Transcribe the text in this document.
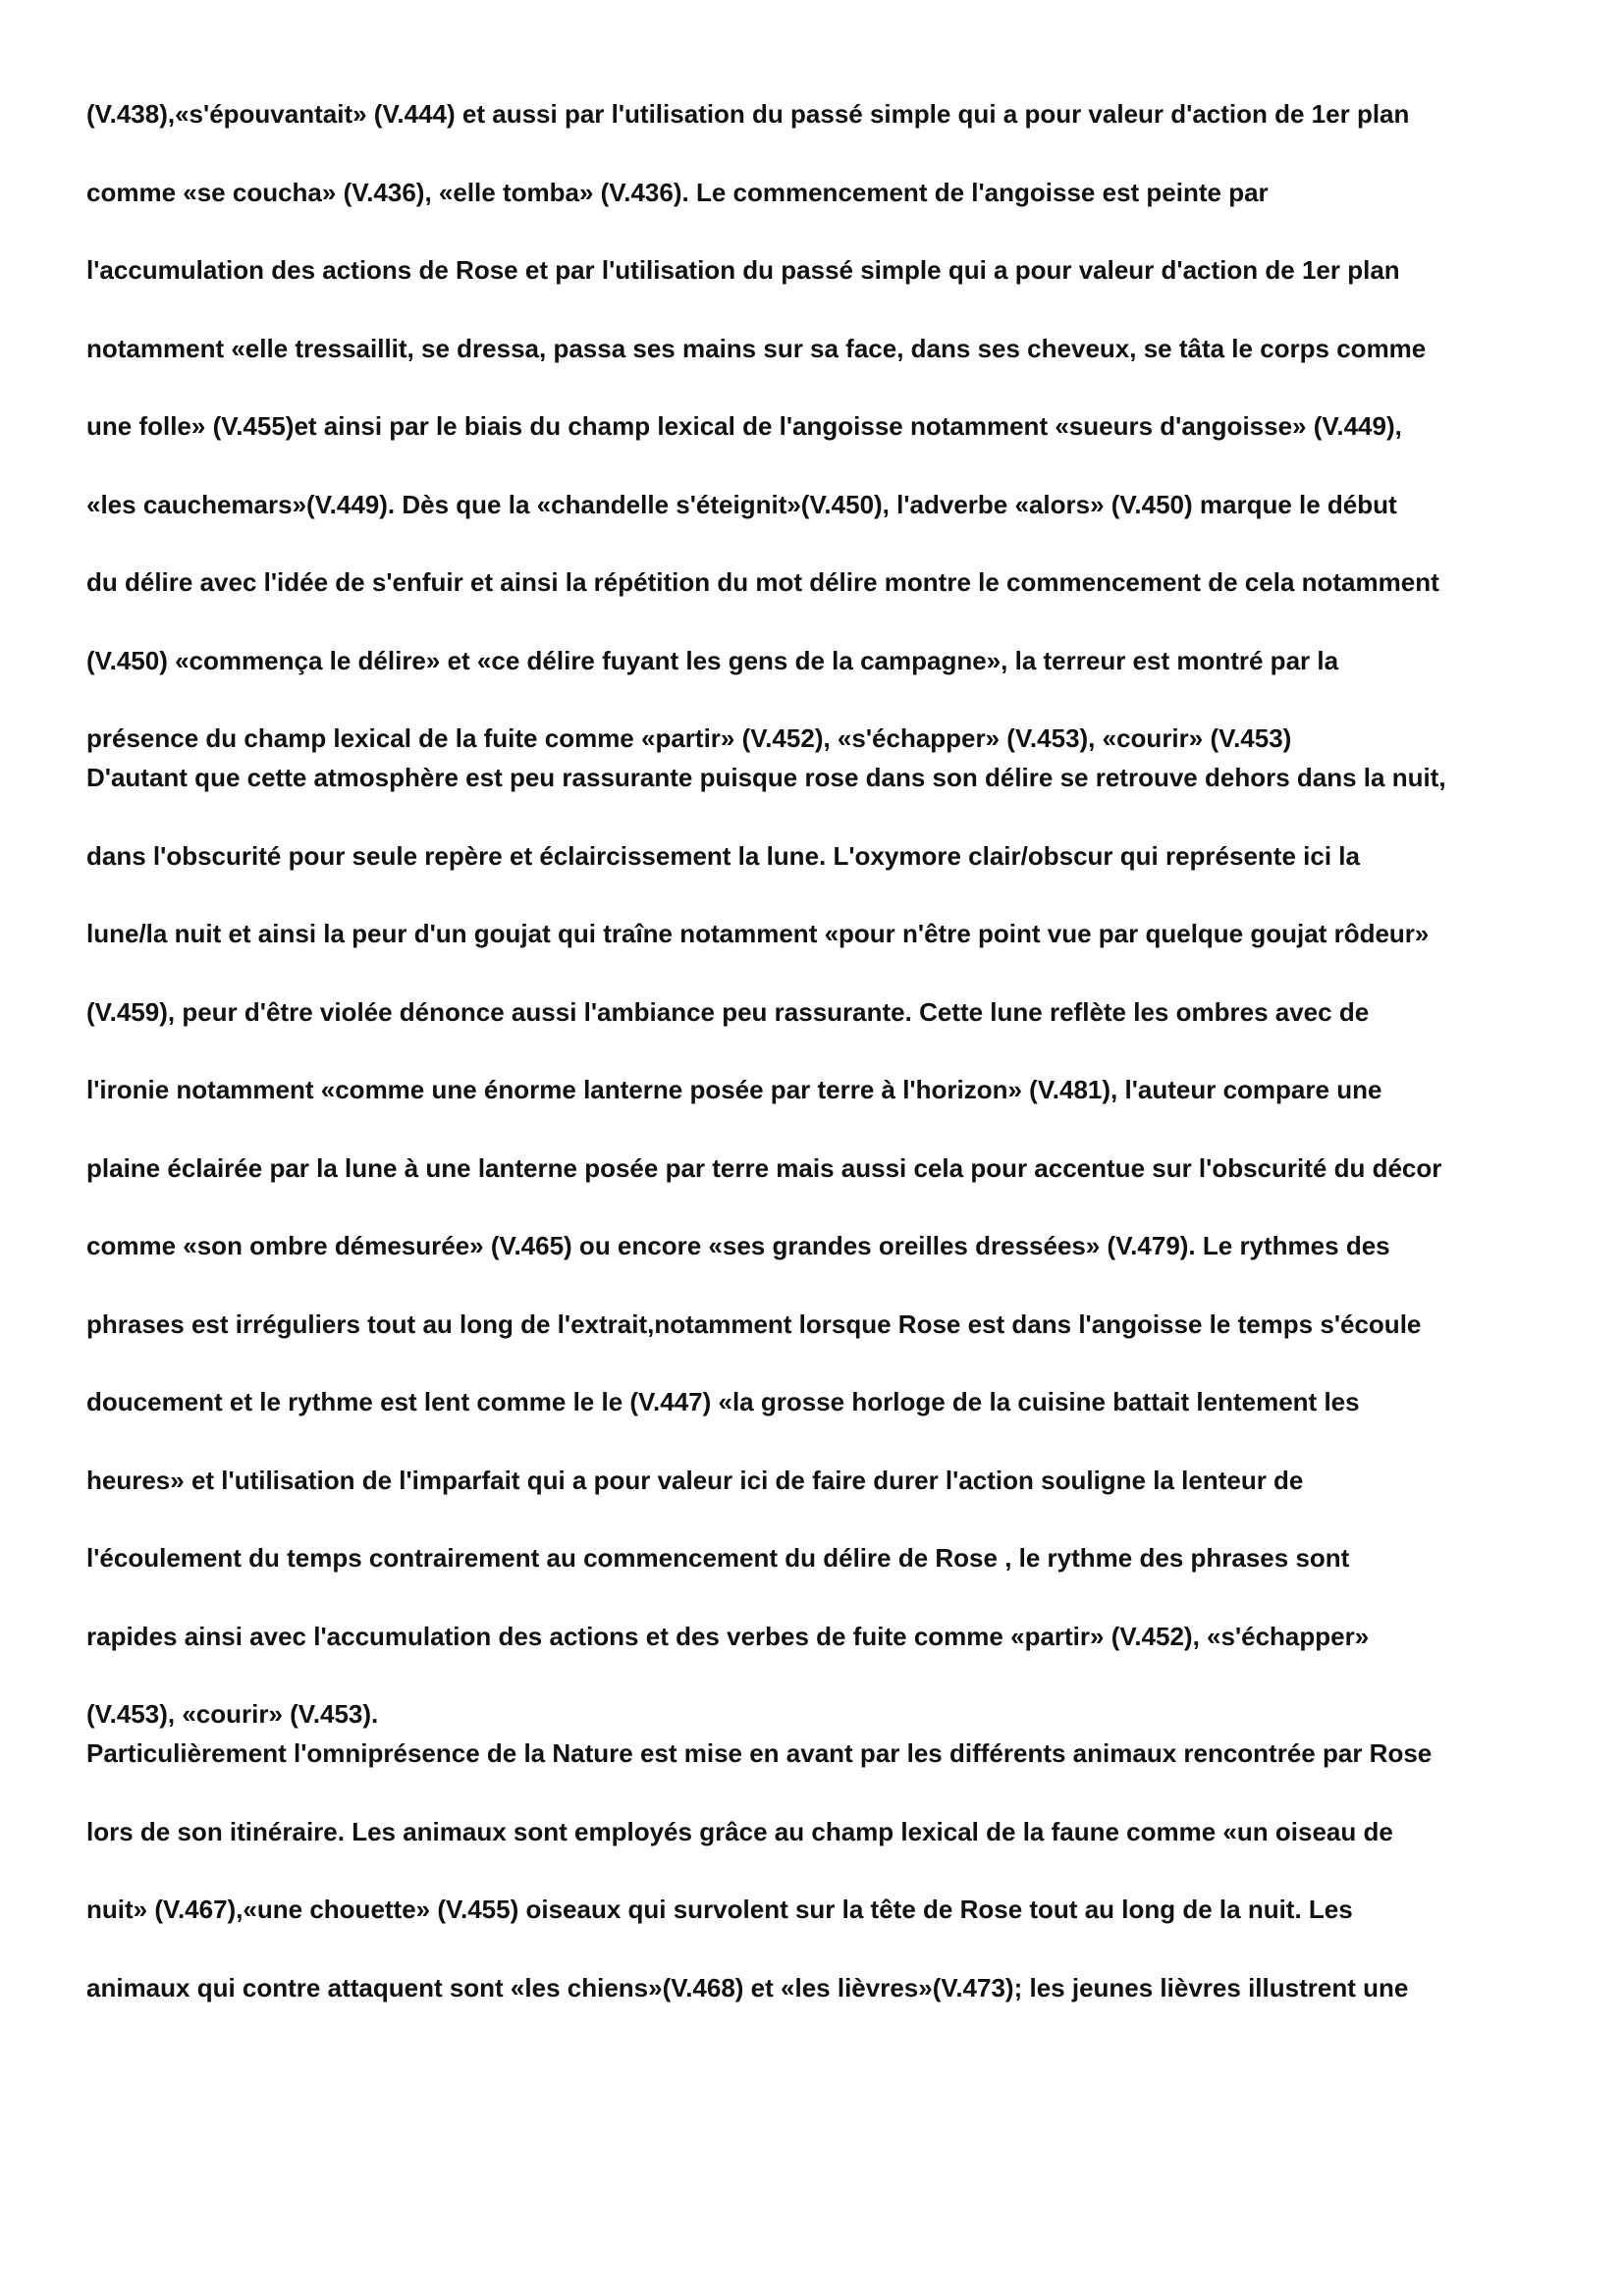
(V.438),«s'épouvantait» (V.444) et aussi par l'utilisation du passé simple qui a pour valeur d'action de 1er plan
comme «se coucha» (V.436), «elle tomba» (V.436). Le commencement de l'angoisse est peinte par
l'accumulation des actions de Rose et par l'utilisation du passé simple qui a pour valeur d'action de 1er plan
notamment «elle tressaillit, se dressa, passa ses mains sur sa face, dans ses cheveux, se tâta le corps comme
une folle» (V.455)et ainsi par le biais du champ lexical de l'angoisse notamment «sueurs d'angoisse» (V.449),
«les cauchemars»(V.449). Dès que la «chandelle s'éteignit»(V.450), l'adverbe «alors» (V.450) marque le début
du délire avec l'idée de s'enfuir et ainsi la répétition du mot délire montre le commencement de cela notamment
(V.450) «commença le délire» et «ce délire fuyant les gens de la campagne», la terreur est montré par la
présence du champ lexical de la fuite comme «partir» (V.452), «s'échapper» (V.453), «courir» (V.453)
D'autant que cette atmosphère est peu rassurante puisque rose dans son délire se retrouve dehors dans la nuit,
dans l'obscurité pour seule repère et éclaircissement la lune. L'oxymore clair/obscur qui représente ici la
lune/la nuit et ainsi la peur d'un goujat qui traîne notamment «pour n'être point vue par quelque goujat rôdeur»
(V.459), peur d'être violée dénonce aussi l'ambiance peu rassurante. Cette lune reflète les ombres avec de
l'ironie notamment «comme une énorme lanterne posée par terre à l'horizon» (V.481), l'auteur compare une
plaine éclairée par la lune à une lanterne posée par terre mais aussi cela pour accentue sur l'obscurité du décor
comme «son ombre démesurée» (V.465) ou encore «ses grandes oreilles dressées» (V.479). Le rythmes des
phrases est irréguliers tout au long de l'extrait,notamment lorsque Rose est dans l'angoisse le temps s'écoule
doucement et le rythme est lent comme le le (V.447) «la grosse horloge de la cuisine battait lentement les
heures» et l'utilisation de l'imparfait qui a pour valeur ici de faire durer l'action souligne la lenteur de
l'écoulement du temps contrairement au commencement du délire de Rose , le rythme des phrases sont
rapides ainsi avec l'accumulation des actions et des verbes de fuite comme «partir» (V.452), «s'échapper»
(V.453), «courir» (V.453).
Particulièrement l'omniprésence de la Nature est mise en avant par les différents animaux rencontrée par Rose
lors de son itinéraire. Les animaux sont employés grâce au champ lexical de la faune comme «un oiseau de
nuit» (V.467),«une chouette» (V.455) oiseaux qui survolent sur la tête de Rose tout au long de la nuit. Les
animaux qui contre attaquent sont «les chiens»(V.468) et «les lièvres»(V.473); les jeunes lièvres illustrent une
